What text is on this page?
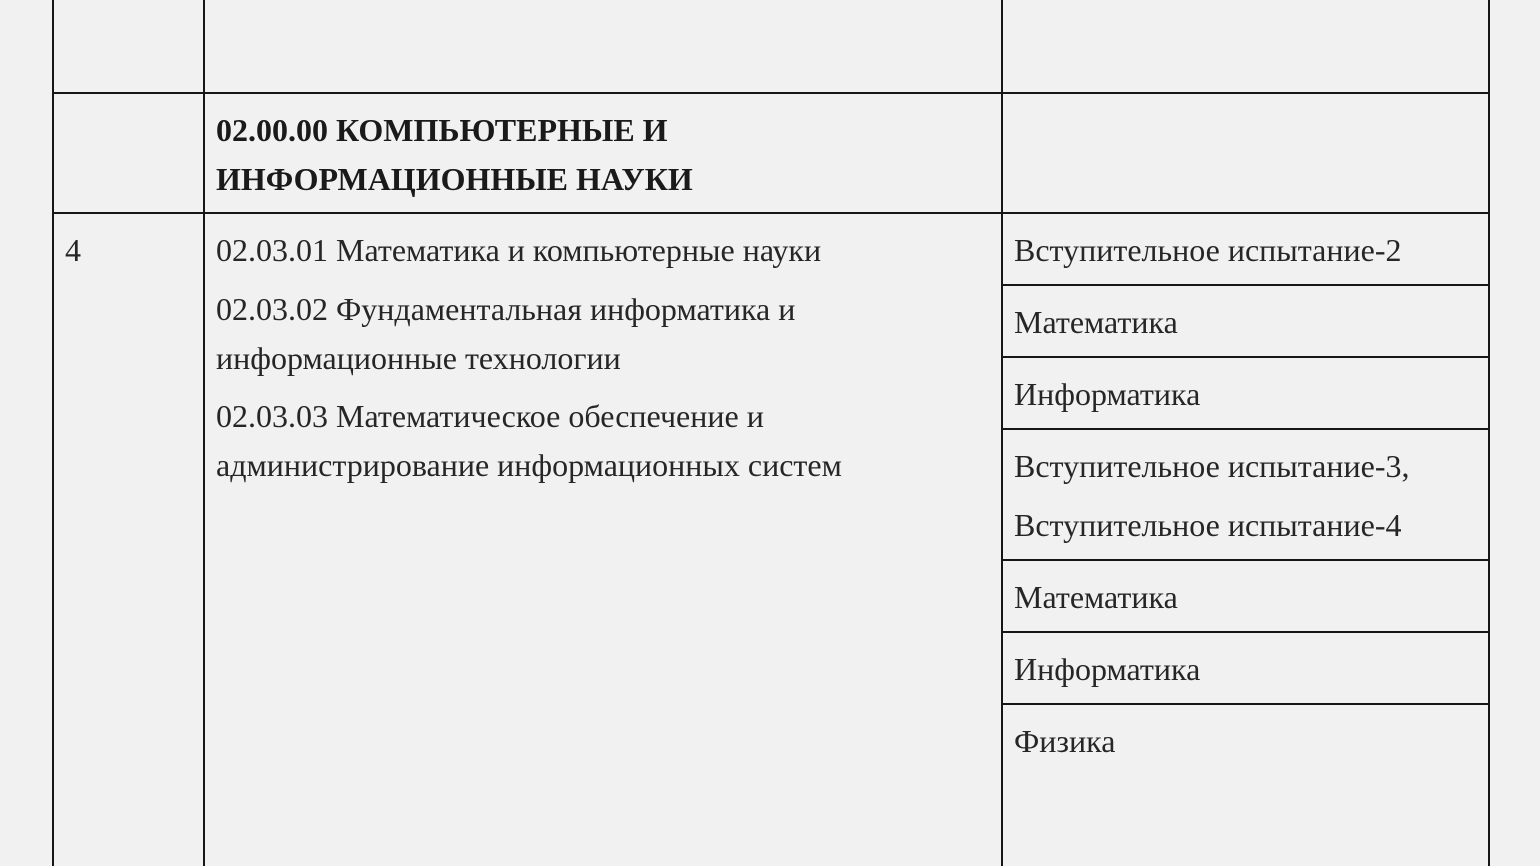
02.00.00 КОМПЬЮТЕРНЫЕ И
ИНФОРМАЦИОННЫЕ НАУКИ
4	02.03.01 Математика и компьютерные науки
02.03.02 Фундаментальная информатика и
информационные технологии
02.03.03 Математическое обеспечение и
администрирование информационных систем
Вступительное испытание-2
Математика
Информатика
Вступительное испытание-3,
Вступительное испытание-4
Математика
Информатика
Физика
